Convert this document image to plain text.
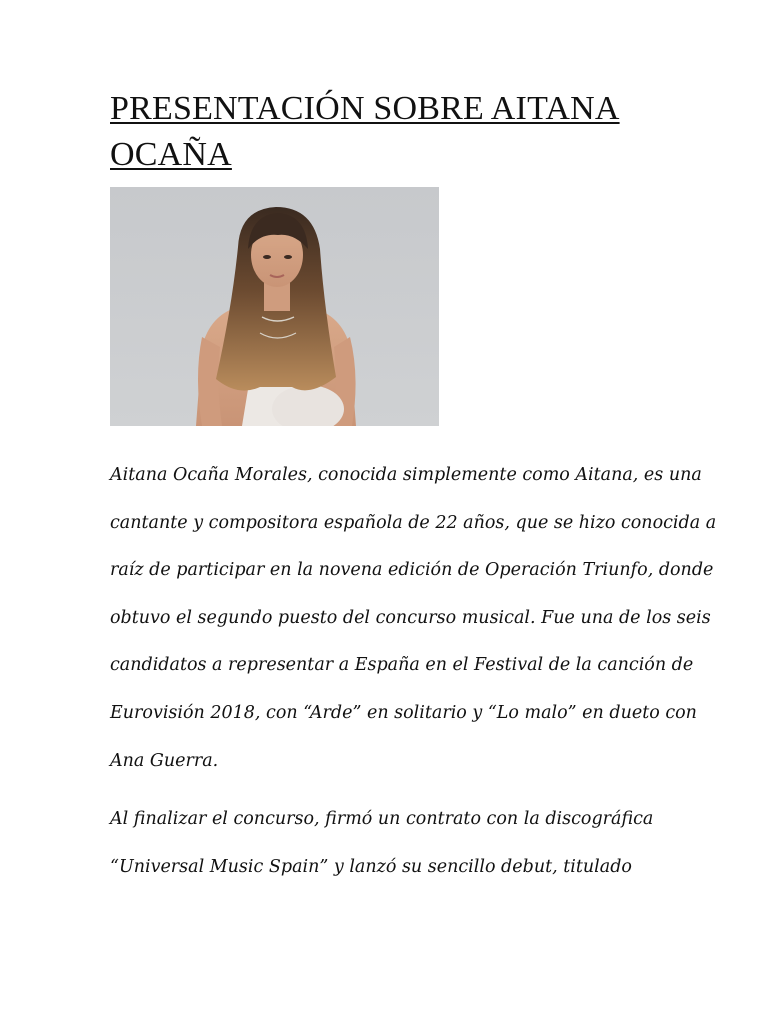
PRESENTACIÓN SOBRE AITANA
OCAÑA

Aitana Ocaña Morales, conocida simplemente como Aitana, es una
cantante y compositora española de 22 años, que se hizo conocida a
raíz de participar en la novena edición de Operación Triunfo, donde
obtuvo el segundo puesto del concurso musical. Fue una de los seis
candidatos a representar a España en el Festival de la canción de
Eurovisión 2018, con “Arde” en solitario y “Lo malo” en dueto con
Ana Guerra.

Al finalizar el concurso, firmó un contrato con la discográfica
“Universal Music Spain” y lanzó su sencillo debut, titulado
